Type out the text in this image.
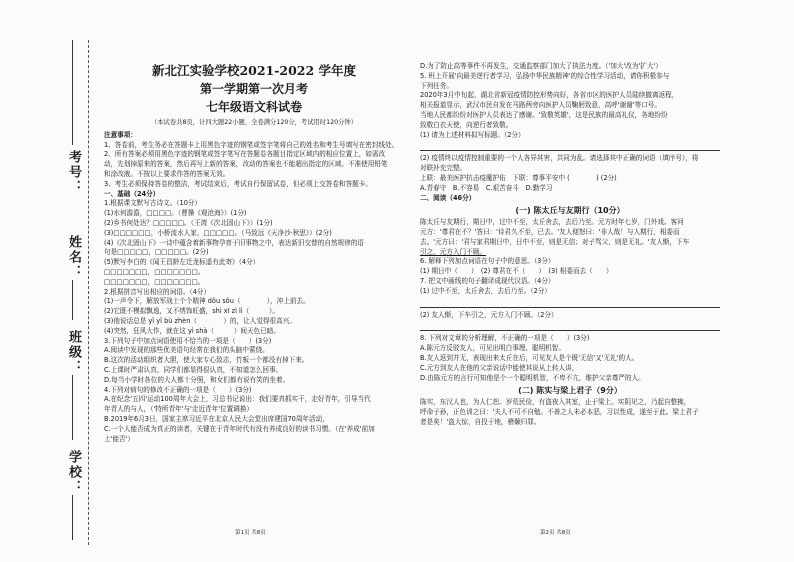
考号：
姓名：
班级：
学校：
新北江实验学校2021-2022 学年度
第一学期第一次月考
七年级语文科试卷
（本试卷共8页，计四大题22小题，全卷满分120分，考试用时120分钟）
注意事项：
1、答卷前，考生务必在答题卡上用黑色字迹的钢笔或签字笔将自己的姓名和考生号填写在密封线处。
2、所有答案必须用黑色字迹的钢笔或签字笔写在答题卷各题目指定区域内的相应位置上，如需改
动，先划掉原来的答案，然后再写上新的答案，改动的答案也不能超出指定的区域。不准使用铅笔
和涂改液。不按以上要求作答的答案无效。
3、考生必须保持答卷的整洁，考试结束后，考试自行保留试卷，但必须上交答卷和答题卡。
一、基础（24分）
1.根据课文默写古诗文。（10分）
(1)水何澹澹，□□□□。（曹操《观沧海》）(1分)
(2)乡书何处达？□□□□□。（王湾《次北固山下》）(1分)
(3)□□□□□□，小桥流水人家，□□□□□。（马致远《天净沙·秋思》）(2分)
(4)《次北固山下》一诗中蕴含着新事物孕育于旧事物之中，表达新旧交替的自然规律的语
句是□□□□□，□□□□□。(2分)
(5)默写李白的《闻王昌龄左迁龙标遥有此寄》（4分）
□□□□□□□，□□□□□□□。
□□□□□□□，□□□□□□□。
2.根据拼音写出相应的词语。（4分）
(1)一声令下，解放军战士个个精神 dǒu sǒu（　　　　），冲上前去。
(2)它既不模拟飘逸，又不绣饰旺盛，shì xī zì lì（　　　）。
(3)他说话总是 yǐ yǐ bù zhèn（　　　　）的，让人觉得很高兴。
(4)突然，狂风大作，就在这 yì shà（　　　）间天色已暗。
3.下列句子中加点词语使用不恰当的一项是（　　）(3分)
A.阅读中发现的那些优美语句经常在我们的头脑中萦绕。
B.这次的活动组织者大胆，使大家专心致志，竹板一个都没有掉下来。
C.上课时严肃认真，同学们都显得很认真，不知道怎么回事。
D.每当小学时各位的大人都十分照，和女们都有说有笑的坐着。
4.下列对病句的修改不正确的一项是（　　）(3分)
A.在纪念'五四'运动100周年大会上，习总书记说出：我们要真抓实干，走好青年，引导当代
年青人的与人，（'特所青年'与'走近青年'位置调换）
B.2019年6月3日，国家主席习近平在北京人民大会堂出席建国70周年活动，
C.一个人能否成为真正的读者，关键在于青年时代有没有养成良好的读书习惯。（在'养成'前加
上'能否'）
第1页 共8页
D.为了防止高等事件不再发生，交通监察部门加大了执法力度。（'加大'改为'扩大'）
5. 班上开展'向最美逆行者学习，弘扬中华民族精神'的综合性学习活动，请你积极参与
下列任务。
2020年3月中旬起，湖北省新冠疫情防控形势向好，各省市区的医护人员陆续撤离返程，
相关报道显示，武汉市民自发在马路两旁向医护人员鞠躬致意，高呼'谢谢'等口号。
当地人民都纷纷对医护人员表达了感谢。'致敬英雄'，这是民族的最高礼仪，各地纷纷
致敬白衣天使，向逆行者致敬。
(1) 请为上述材料拟写标题。（2分）
(2) 疫情终以疫情控制重要的一个人各异其害，共同为乱。请选择其中正确的词语（填序号），将
对联补充完整。
上联：最美医护抗击疫魔护佑　下联：尊事平安中 (　　　　) (2分)
A.青春守　B.不容易　C.艰苦奋斗　D.勤学习
二、阅读（46分）
(一) 陈太丘与友期行（10分）
陈太丘与友期行，期日中，过中不至，太丘舍去，去后乃至。元方时年七岁，门外戏。客问
元方：'尊君在不？'答曰：'待君久不至，已去。'友人便怒曰：'非人哉！与人期行，相委而
去。'元方曰：'君与家君期日中，日中不至，则是无信；对子骂父，则是无礼。'友人惭，下车
引之，元方入门不顾。
6. 解释下列加点词语在句子中的意思。（3分）
(1) 期日中（　　）　(2) 尊君在不（　　）　(3) 相委而去（　　）
7. 把文中画线的句子翻译成现代汉语。（4分）
(1) 过中不至，太丘舍去，去后乃至。（2分）
(2) 友人惭，下车引之，元方入门不顾。（2分）
8. 下列对文章的分析理解，不正确的一项是（　　）(3分)
A.陈元方反驳友人，可见出明白事理、聪明机智。
B.友人返到并无，表现出来太丘在后，可见友人是个既'无信'又'无礼'的人。
C.元方到友人在他的父亲说话中能使其说从上转人讲，
D.由陈元方的言行可知他是个一个聪明机智，不卑不亢，维护父亲尊严的人。
(二) 陈实与梁上君子（9分）
陈实，东汉人也，为人仁恕。岁荒民俭，有盗夜入其室，止于梁上。实阴见之，乃起自整拂，
呼命子孙，正色训之曰：'夫人不可不自勉。不善之人未必本恶，习以性成，遂至于此。梁上君子
者是矣！'盗大惊，自投于地，稽颡归罪。
第2页 共8页
